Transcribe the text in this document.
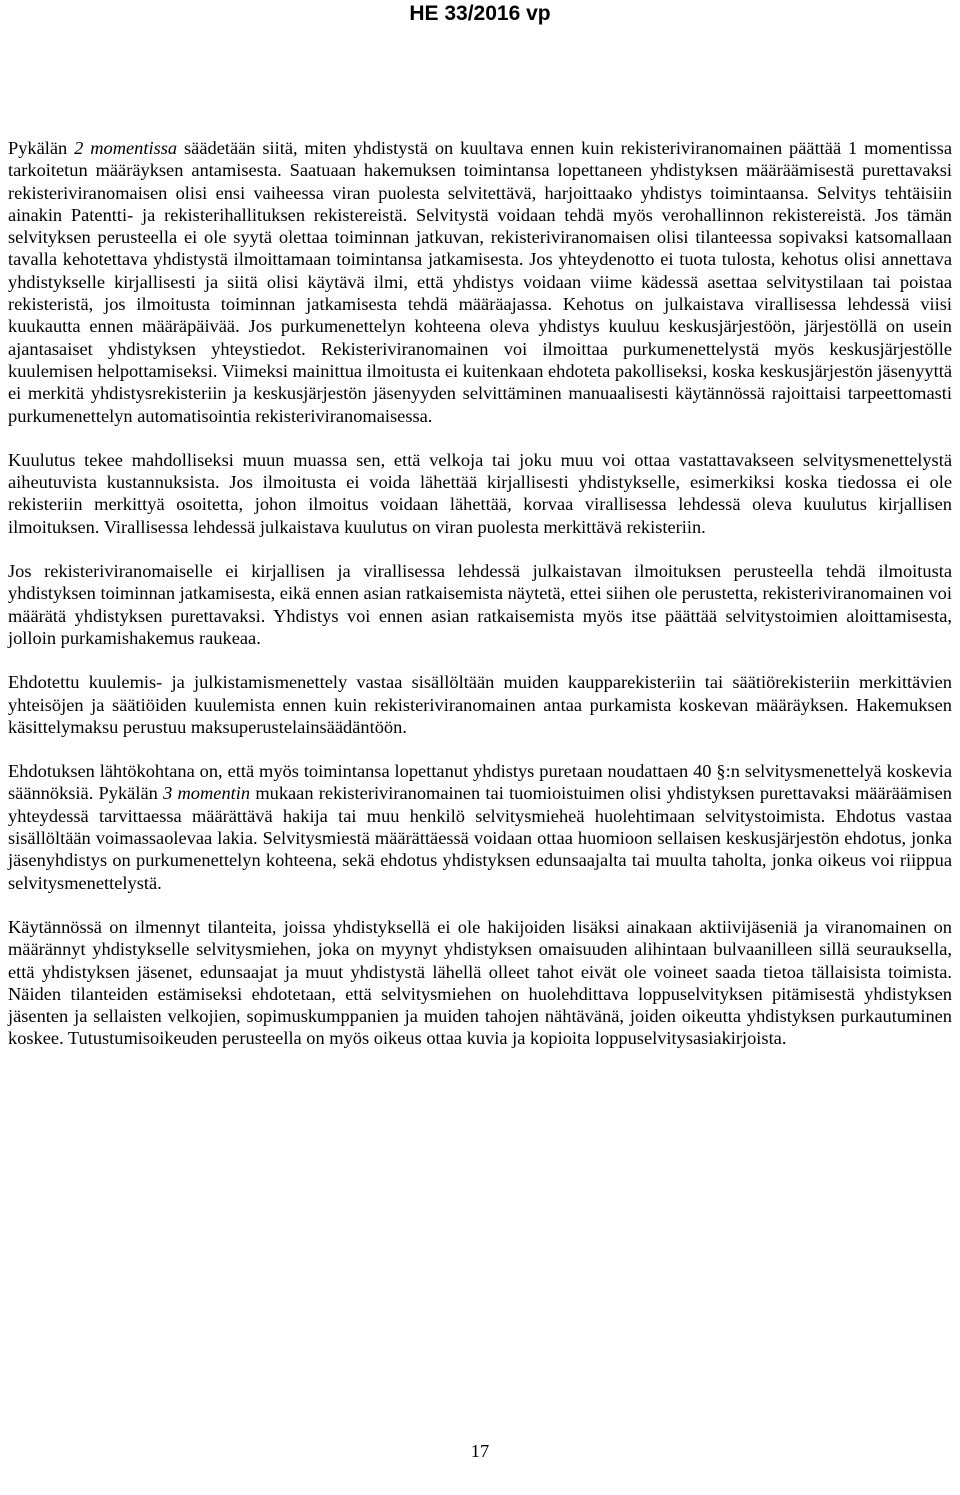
HE 33/2016 vp

Pykälän 2 momentissa säädetään siitä, miten yhdistystä on kuultava ennen kuin rekisteriviranomainen päättää 1 momentissa tarkoitetun määräyksen antamisesta. Saatuaan hakemuksen toimintansa lopettaneen yhdistyksen määräämisestä purettavaksi rekisteriviranomaisen olisi ensi vaiheessa viran puolesta selvitettävä, harjoittaako yhdistys toimintaansa. Selvitys tehtäisiin ainakin Patentti- ja rekisterihallituksen rekistereistä. Selvitystä voidaan tehdä myös verohallinnon rekistereistä. Jos tämän selvityksen perusteella ei ole syytä olettaa toiminnan jatkuvan, rekisteriviranomaisen olisi tilanteessa sopivaksi katsomallaan tavalla kehotettava yhdistystä ilmoittamaan toimintansa jatkamisesta. Jos yhteydenotto ei tuota tulosta, kehotus olisi annettava yhdistykselle kirjallisesti ja siitä olisi käytävä ilmi, että yhdistys voidaan viime kädessä asettaa selvitystilaan tai poistaa rekisteristä, jos ilmoitusta toiminnan jatkamisesta tehdä määräajassa. Kehotus on julkaistava virallisessa lehdessä viisi kuukautta ennen määräpäivää. Jos purkumenettelyn kohteena oleva yhdistys kuuluu keskusjärjestöön, järjestöllä on usein ajantasaiset yhdistyksen yhteystiedot. Rekisteriviranomainen voi ilmoittaa purkumenettelystä myös keskusjärjestölle kuulemisen helpottamiseksi. Viimeksi mainittua ilmoitusta ei kuitenkaan ehdoteta pakolliseksi, koska keskusjärjestön jäsenyyttä ei merkitä yhdistysrekisteriin ja keskusjärjestön jäsenyyden selvittäminen manuaalisesti käytännössä rajoittaisi tarpeettomasti purkumenettelyn automatisointia rekisteriviranomaisessa.

Kuulutus tekee mahdolliseksi muun muassa sen, että velkoja tai joku muu voi ottaa vastattavakseen selvitysmenettelystä aiheutuvista kustannuksista. Jos ilmoitusta ei voida lähettää kirjallisesti yhdistykselle, esimerkiksi koska tiedossa ei ole rekisteriin merkittyä osoitetta, johon ilmoitus voidaan lähettää, korvaa virallisessa lehdessä oleva kuulutus kirjallisen ilmoituksen. Virallisessa lehdessä julkaistava kuulutus on viran puolesta merkittävä rekisteriin.

Jos rekisteriviranomaiselle ei kirjallisen ja virallisessa lehdessä julkaistavan ilmoituksen perusteella tehdä ilmoitusta yhdistyksen toiminnan jatkamisesta, eikä ennen asian ratkaisemista näytetä, ettei siihen ole perustetta, rekisteriviranomainen voi määrätä yhdistyksen purettavaksi. Yhdistys voi ennen asian ratkaisemista myös itse päättää selvitystoimien aloittamisesta, jolloin purkamishakemus raukeaa.

Ehdotettu kuulemis- ja julkistamismenettely vastaa sisällöltään muiden kaupparekisteriin tai säätiörekisteriin merkittävien yhteisöjen ja säätiöiden kuulemista ennen kuin rekisteriviranomainen antaa purkamista koskevan määräyksen. Hakemuksen käsittelymaksu perustuu maksuperustelainsäädäntöön.

Ehdotuksen lähtökohtana on, että myös toimintansa lopettanut yhdistys puretaan noudattaen 40 §:n selvitysmenettelyä koskevia säännöksiä. Pykälän 3 momentin mukaan rekisteriviranomainen tai tuomioistuimen olisi yhdistyksen purettavaksi määräämisen yhteydessä tarvittaessa määrättävä hakija tai muu henkilö selvitysmieheä huolehtimaan selvitystoimista. Ehdotus vastaa sisällöltään voimassaolevaa lakia. Selvitysmiestä määrättäessä voidaan ottaa huomioon sellaisen keskusjärjestön ehdotus, jonka jäsenyhdistys on purkumenettelyn kohteena, sekä ehdotus yhdistyksen edunsaajalta tai muulta taholta, jonka oikeus voi riippua selvitysmenettelystä.

Käytännössä on ilmennyt tilanteita, joissa yhdistyksellä ei ole hakijoiden lisäksi ainakaan aktiivijäseniä ja viranomainen on määrännyt yhdistykselle selvitysmiehen, joka on myynyt yhdistyksen omaisuuden alihintaan bulvaanilleen sillä seurauksella, että yhdistyksen jäsenet, edunsaajat ja muut yhdistystä lähellä olleet tahot eivät ole voineet saada tietoa tällaisista toimista. Näiden tilanteiden estämiseksi ehdotetaan, että selvitysmiehen on huolehdittava loppuselvityksen pitämisestä yhdistyksen jäsenten ja sellaisten velkojien, sopimuskumppanien ja muiden tahojen nähtävänä, joiden oikeutta yhdistyksen purkautuminen koskee. Tutustumisoikeuden perusteella on myös oikeus ottaa kuvia ja kopioita loppuselvitysasiakirjoista.

17
